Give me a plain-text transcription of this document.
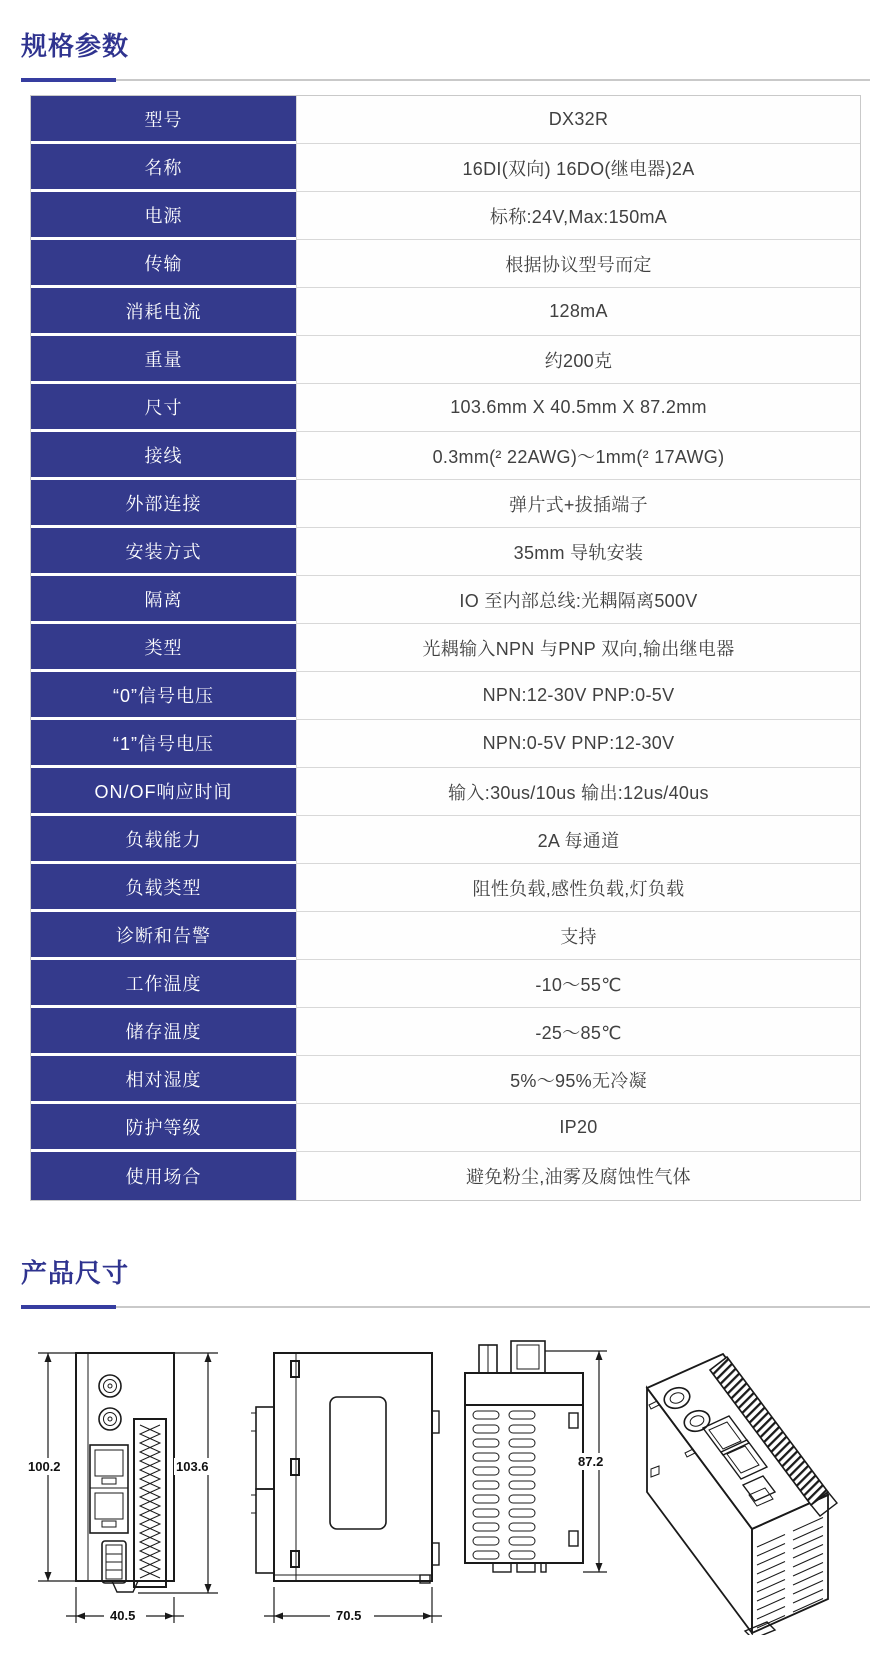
规格参数
型号	DX32R
名称	16DI(双向) 16DO(继电器)2A
电源	标称:24V,Max:150mA
传输	根据协议型号而定
消耗电流	128mA
重量	约200克
尺寸	103.6mm X 40.5mm X 87.2mm
接线	0.3mm(² 22AWG)～1mm(² 17AWG)
外部连接	弹片式+拔插端子
安装方式	35mm 导轨安装
隔离	IO 至内部总线:光耦隔离500V
类型	光耦输入NPN 与PNP 双向,输出继电器
“0”信号电压	NPN:12-30V PNP:0-5V
“1”信号电压	NPN:0-5V PNP:12-30V
ON/OF响应时间	输入:30us/10us 输出:12us/40us
负载能力	2A 每通道
负载类型	阻性负载,感性负载,灯负载
诊断和告警	支持
工作温度	-10～55℃
储存温度	-25～85℃
相对湿度	5%～95%无冷凝
防护等级	IP20
使用场合	避免粉尘,油雾及腐蚀性气体
产品尺寸
100.2	103.6
40.5	70.5
87.2
